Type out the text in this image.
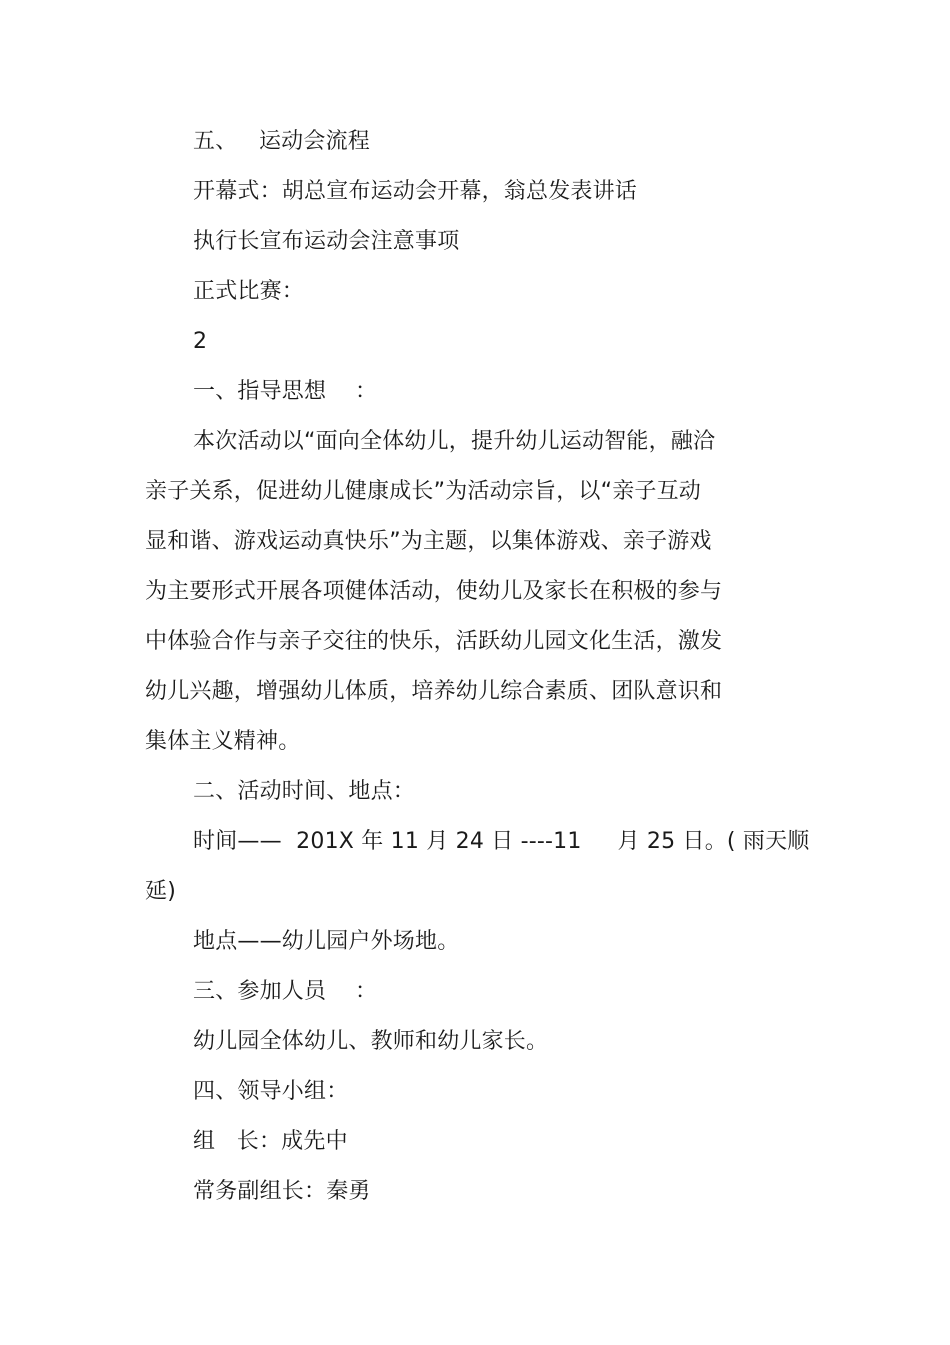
五、   运动会流程
开幕式：胡总宣布运动会开幕，翁总发表讲话
执行长宣布运动会注意事项
正式比赛：
2
一、指导思想    ：
本次活动以“面向全体幼儿，提升幼儿运动智能，融洽
亲子关系，促进幼儿健康成长”为活动宗旨，以“亲子互动
显和谐、游戏运动真快乐”为主题，以集体游戏、亲子游戏
为主要形式开展各项健体活动，使幼儿及家长在积极的参与
中体验合作与亲子交往的快乐，活跃幼儿园文化生活，激发
幼儿兴趣，增强幼儿体质，培养幼儿综合素质、团队意识和
集体主义精神。
二、活动时间、地点：
时间——  201X 年 11 月 24 日 ----11     月 25 日。( 雨天顺
延)
地点——幼儿园户外场地。
三、参加人员    ：
幼儿园全体幼儿、教师和幼儿家长。
四、领导小组：
组   长：成先中
常务副组长：秦勇
